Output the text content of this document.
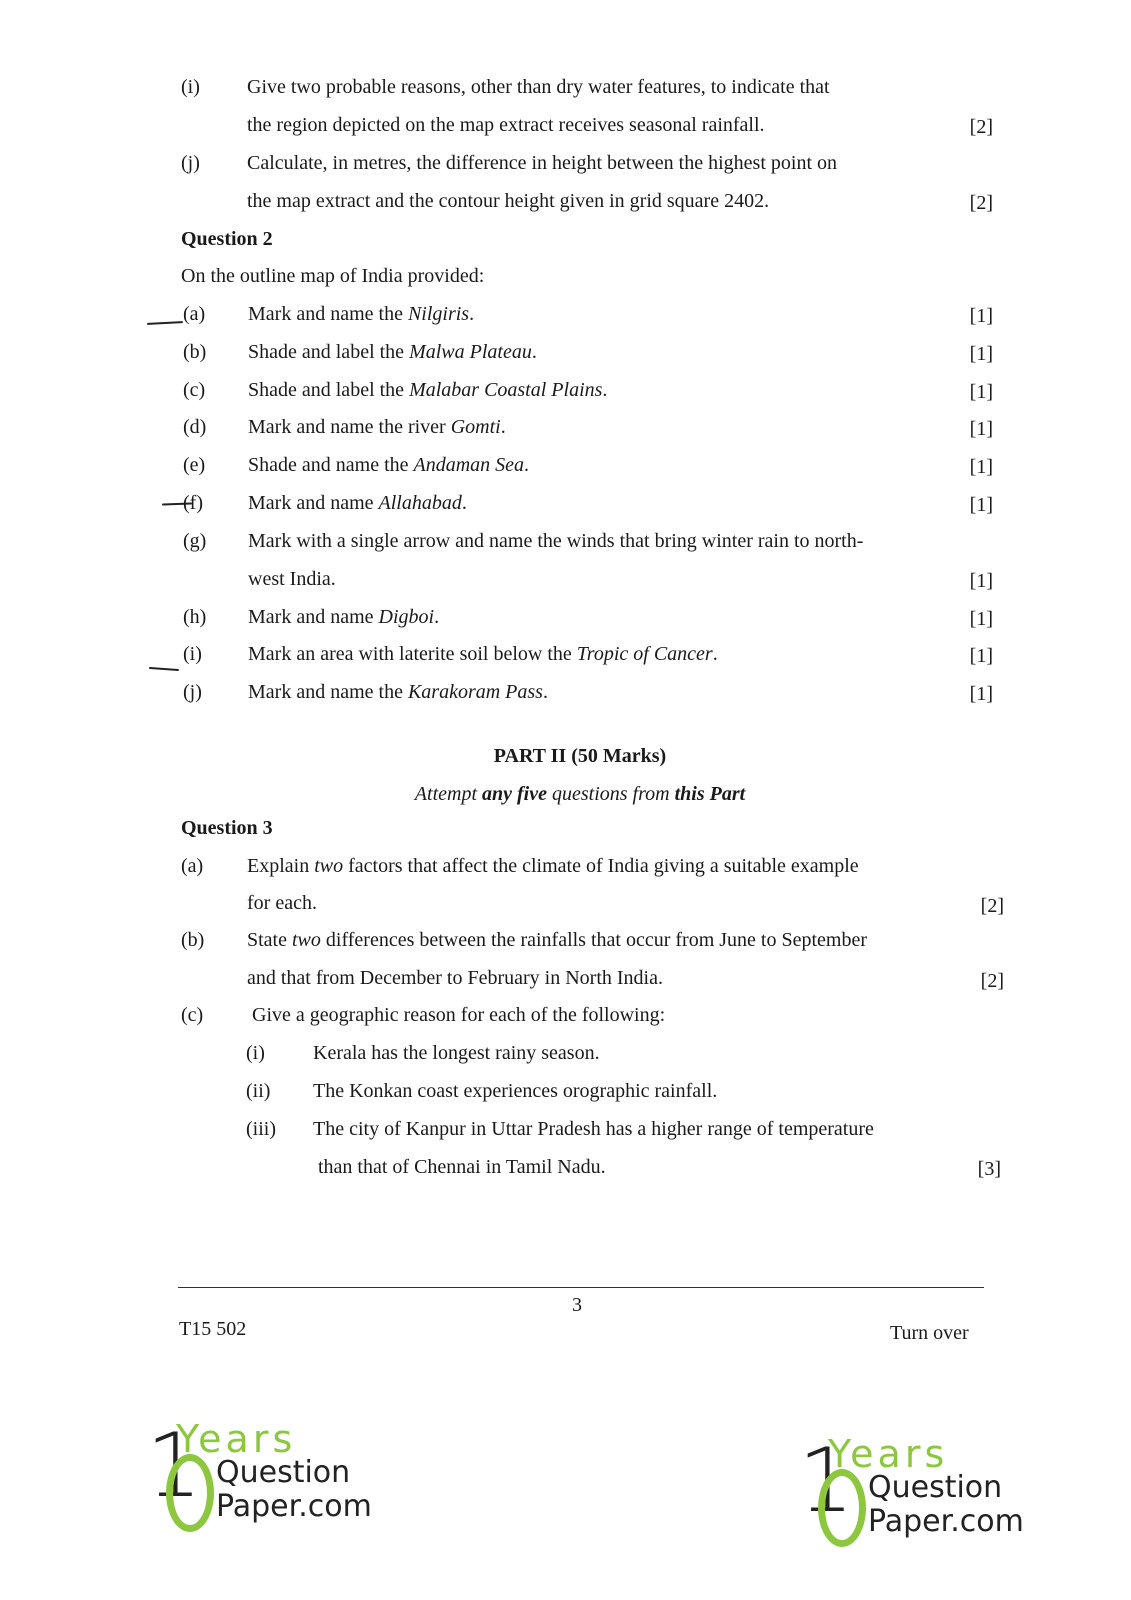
(i) Give two probable reasons, other than dry water features, to indicate that
the region depicted on the map extract receives seasonal rainfall.	[2]
(j) Calculate, in metres, the difference in height between the highest point on
the map extract and the contour height given in grid square 2402.	[2]
Question 2
On the outline map of India provided:
(a) Mark and name the Nilgiris.	[1]
(b) Shade and label the Malwa Plateau.	[1]
(c) Shade and label the Malabar Coastal Plains.	[1]
(d) Mark and name the river Gomti.	[1]
(e) Shade and name the Andaman Sea.	[1]
(f) Mark and name Allahabad.	[1]
(g) Mark with a single arrow and name the winds that bring winter rain to north-
west India.	[1]
(h) Mark and name Digboi.	[1]
(i) Mark an area with laterite soil below the Tropic of Cancer.	[1]
(j) Mark and name the Karakoram Pass.	[1]
PART II (50 Marks)
Attempt any five questions from this Part
Question 3
(a) Explain two factors that affect the climate of India giving a suitable example
for each.	[2]
(b) State two differences between the rainfalls that occur from June to September
and that from December to February in North India.	[2]
(c) Give a geographic reason for each of the following:
(i) Kerala has the longest rainy season.
(ii) The Konkan coast experiences orographic rainfall.
(iii) The city of Kanpur in Uttar Pradesh has a higher range of temperature
than that of Chennai in Tamil Nadu.	[3]
3
T15 502	Turn over
1
Years
Question
Paper.com	1
Years
Question
Paper.com
